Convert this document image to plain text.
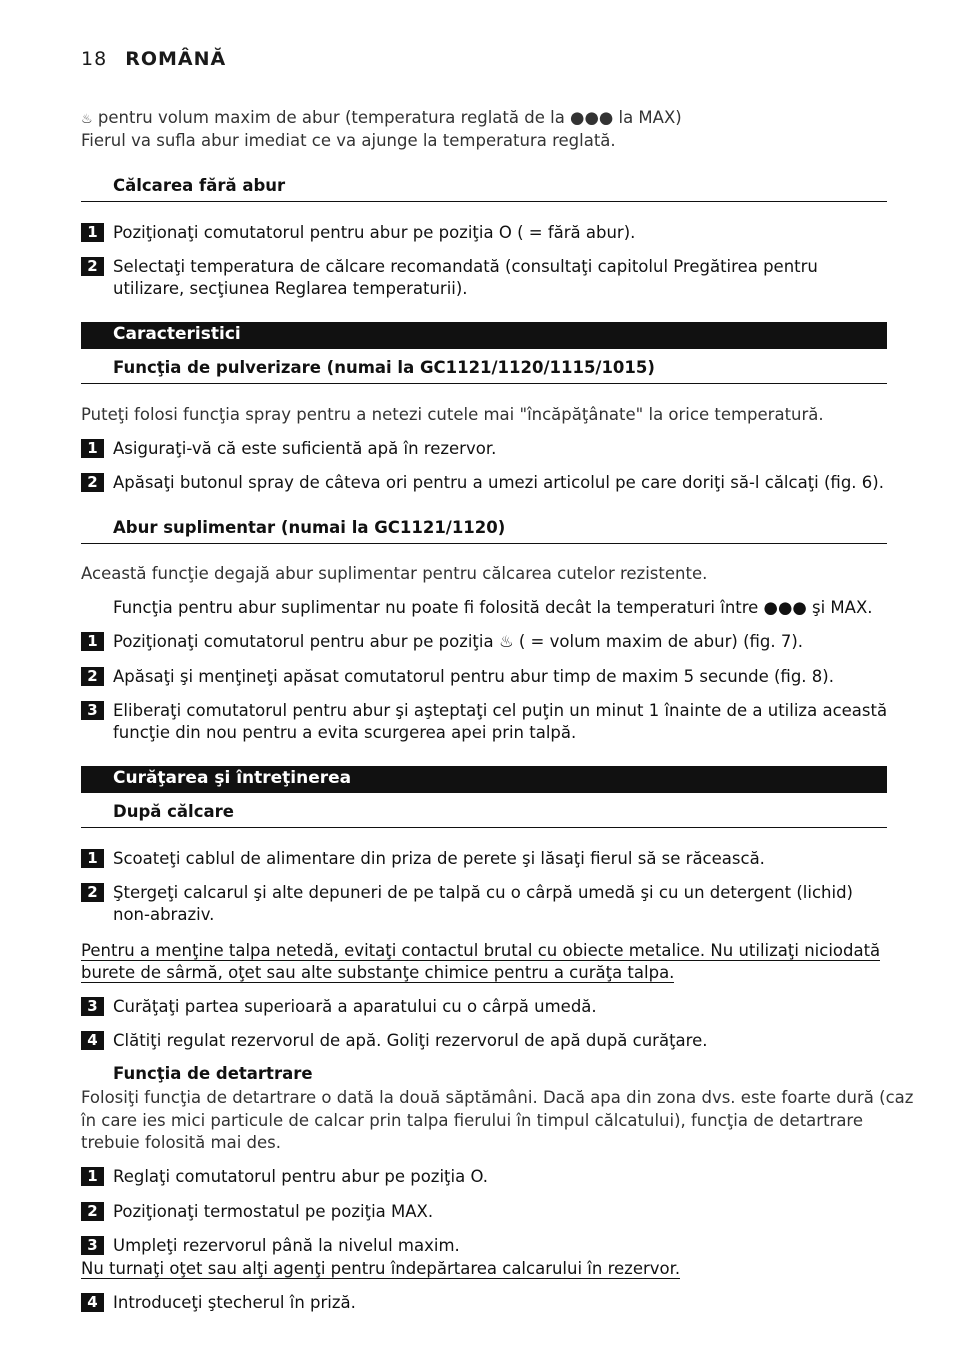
18 ROMÂNĂ
♨ pentru volum maxim de abur (temperatura reglată de la ●●● la MAX)
Fierul va sufla abur imediat ce va ajunge la temperatura reglată.
Călcarea fără abur
1 Poziţionaţi comutatorul pentru abur pe poziţia O ( = fără abur).
2 Selectaţi temperatura de călcare recomandată (consultaţi capitolul Pregătirea pentru utilizare, secţiunea Reglarea temperaturii).
Caracteristici
Funcţia de pulverizare (numai la GC1121/1120/1115/1015)
Puteţi folosi funcţia spray pentru a netezi cutele mai "încăpăţânate" la orice temperatură.
1 Asiguraţi-vă că este suficientă apă în rezervor.
2 Apăsaţi butonul spray de câteva ori pentru a umezi articolul pe care doriţi să-l călcaţi (fig. 6).
Abur suplimentar (numai la GC1121/1120)
Această funcţie degajă abur suplimentar pentru călcarea cutelor rezistente.
Funcţia pentru abur suplimentar nu poate fi folosită decât la temperaturi între ●●● şi MAX.
1 Poziţionaţi comutatorul pentru abur pe poziţia ♨ ( = volum maxim de abur) (fig. 7).
2 Apăsaţi şi menţineţi apăsat comutatorul pentru abur timp de maxim 5 secunde (fig. 8).
3 Eliberaţi comutatorul pentru abur şi aşteptaţi cel puţin un minut 1 înainte de a utiliza această funcţie din nou pentru a evita scurgerea apei prin talpă.
Curăţarea şi întreţinerea
După călcare
1 Scoateţi cablul de alimentare din priza de perete şi lăsaţi fierul să se răcească.
2 Ştergeţi calcarul şi alte depuneri de pe talpă cu o cârpă umedă şi cu un detergent (lichid) non-abraziv.
Pentru a menţine talpa netedă, evitaţi contactul brutal cu obiecte metalice. Nu utilizaţi niciodată
burete de sârmă, oţet sau alte substanţe chimice pentru a curăţa talpa.
3 Curăţaţi partea superioară a aparatului cu o cârpă umedă.
4 Clătiţi regulat rezervorul de apă. Goliţi rezervorul de apă după curăţare.
Funcţia de detartrare
Folosiţi funcţia de detartrare o dată la două săptămâni. Dacă apa din zona dvs. este foarte dură (caz
în care ies mici particule de calcar prin talpa fierului în timpul călcatului), funcţia de detartrare
trebuie folosită mai des.
1 Reglaţi comutatorul pentru abur pe poziţia O.
2 Poziţionaţi termostatul pe poziţia MAX.
3 Umpleţi rezervorul până la nivelul maxim.
Nu turnaţi oţet sau alţi agenţi pentru îndepărtarea calcarului în rezervor.
4 Introduceţi ştecherul în priză.
